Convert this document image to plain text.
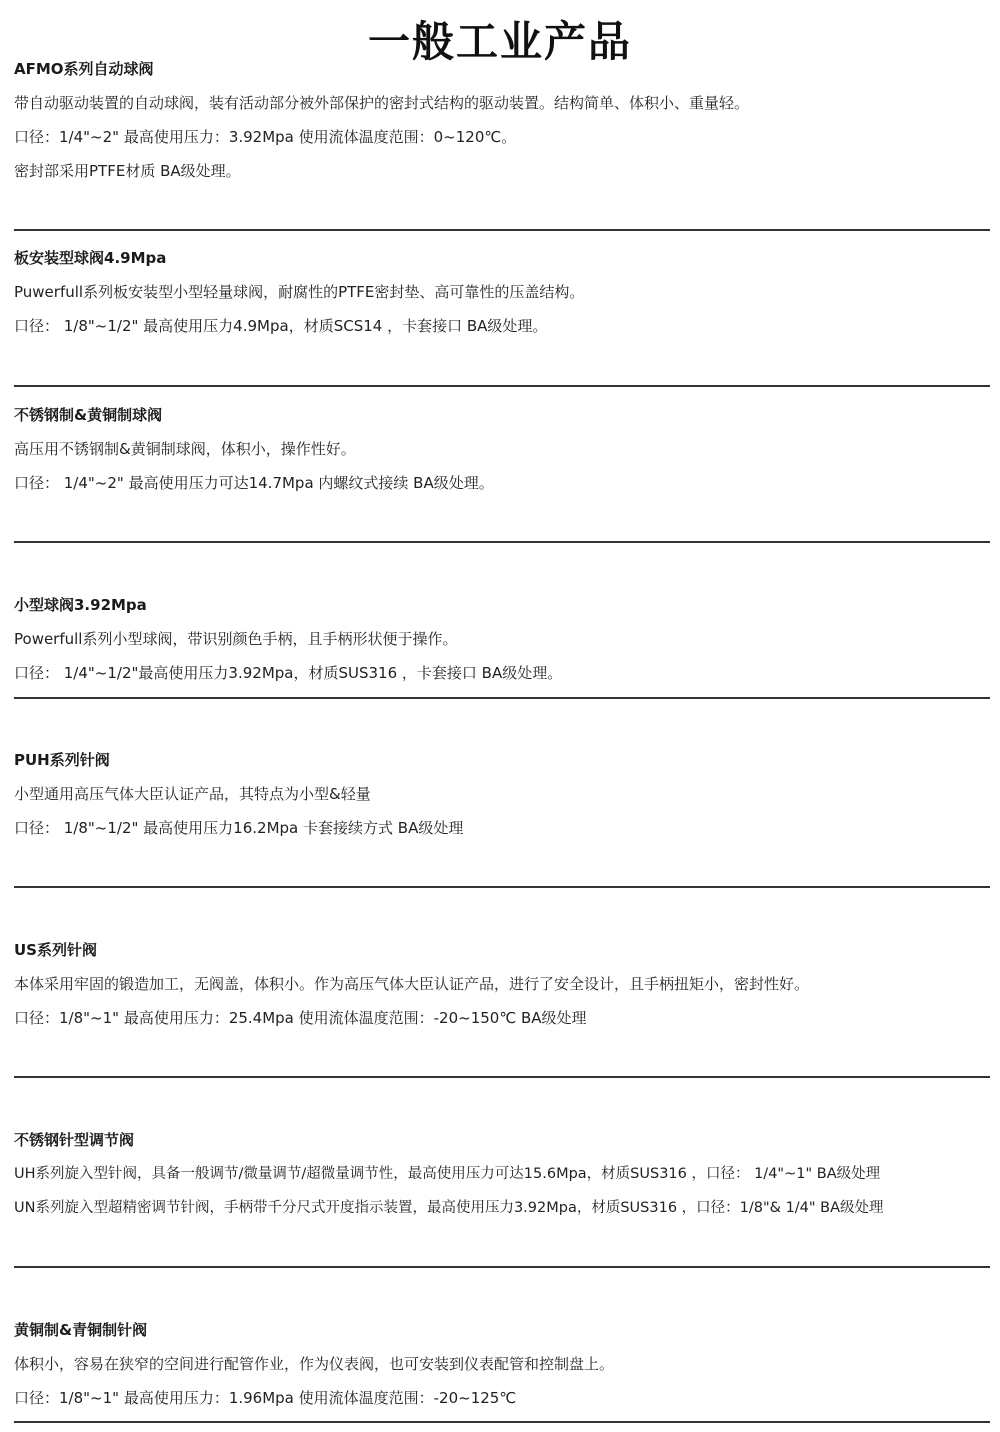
一般工业产品
AFMO系列自动球阀
带自动驱动装置的自动球阀，装有活动部分被外部保护的密封式结构的驱动装置。结构简单、体积小、重量轻。
口径：1/4"~2" 最高使用压力：3.92Mpa 使用流体温度范围：0~120℃。
密封部采用PTFE材质 BA级处理。
板安装型球阀4.9Mpa
Puwerfull系列板安装型小型轻量球阀，耐腐性的PTFE密封垫、高可靠性的压盖结构。
口径： 1/8"~1/2" 最高使用压力4.9Mpa，材质SCS14 ，卡套接口 BA级处理。
不锈钢制&黄铜制球阀
高压用不锈钢制&黄铜制球阀，体积小，操作性好。
口径： 1/4"~2" 最高使用压力可达14.7Mpa 内螺纹式接续 BA级处理。
小型球阀3.92Mpa
Powerfull系列小型球阀，带识别颜色手柄，且手柄形状便于操作。
口径： 1/4"~1/2"最高使用压力3.92Mpa，材质SUS316 ，卡套接口 BA级处理。
PUH系列针阀
小型通用高压气体大臣认证产品，其特点为小型&轻量
口径： 1/8"~1/2" 最高使用压力16.2Mpa 卡套接续方式 BA级处理
US系列针阀
本体采用牢固的锻造加工，无阀盖，体积小。作为高压气体大臣认证产品，进行了安全设计，且手柄扭矩小，密封性好。
口径：1/8"~1" 最高使用压力：25.4Mpa 使用流体温度范围：-20~150℃ BA级处理
不锈钢针型调节阀
UH系列旋入型针阀，具备一般调节/微量调节/超微量调节性，最高使用压力可达15.6Mpa，材质SUS316 ，口径： 1/4"~1" BA级处理
UN系列旋入型超精密调节针阀，手柄带千分尺式开度指示装置，最高使用压力3.92Mpa，材质SUS316 ，口径：1/8"& 1/4" BA级处理
黄铜制&青铜制针阀
体积小，容易在狭窄的空间进行配管作业，作为仪表阀，也可安装到仪表配管和控制盘上。
口径：1/8"~1" 最高使用压力：1.96Mpa 使用流体温度范围：-20~125℃
